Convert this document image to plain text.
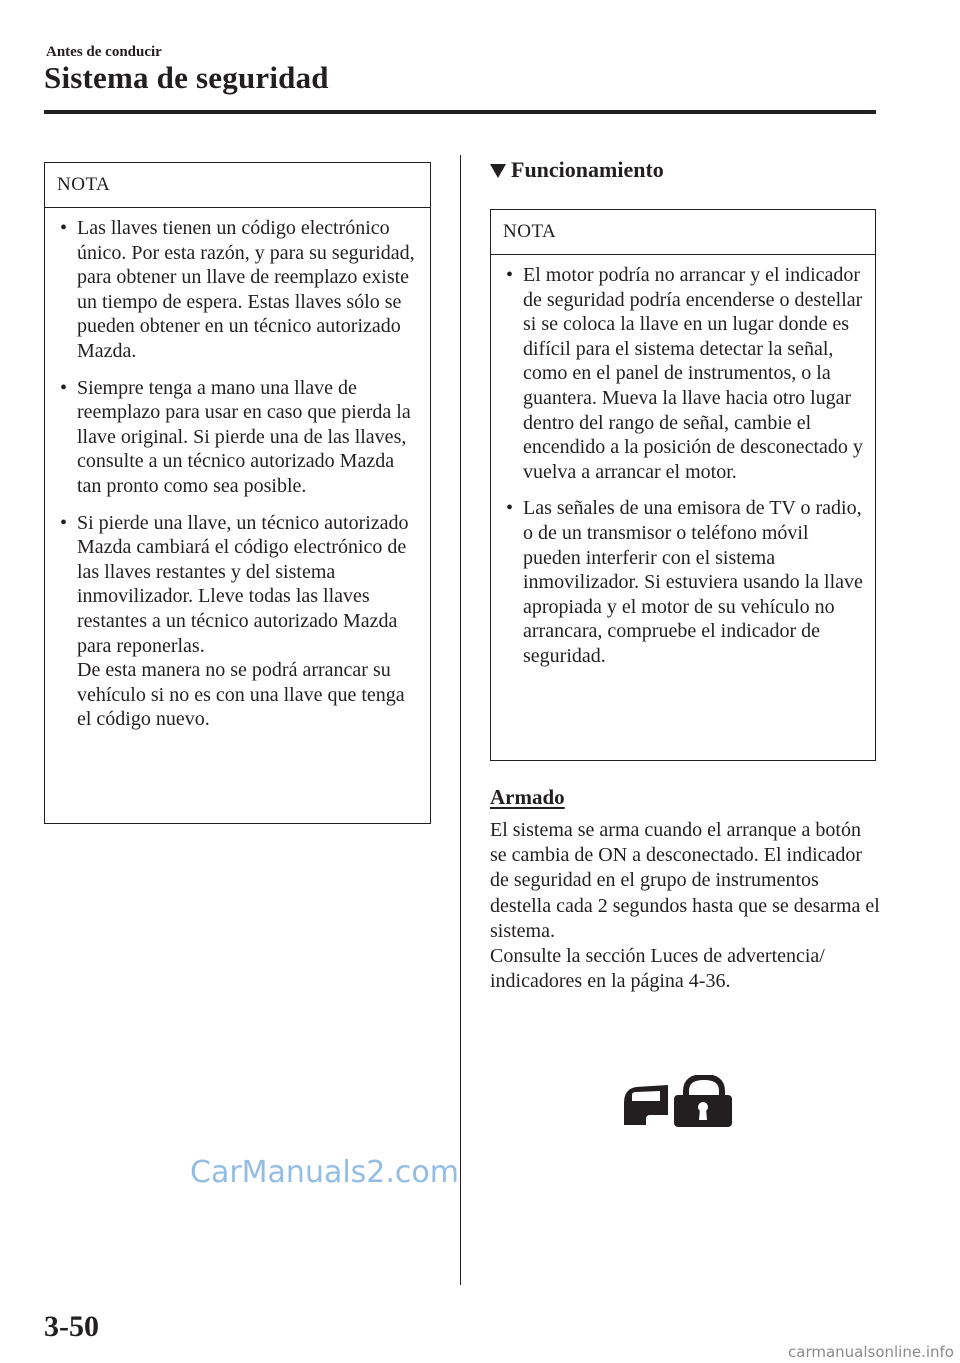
Antes de conducir
Sistema de seguridad
NOTA
• Las llaves tienen un código electrónico único. Por esta razón, y para su seguridad, para obtener un llave de reemplazo existe un tiempo de espera. Estas llaves sólo se pueden obtener en un técnico autorizado Mazda.
• Siempre tenga a mano una llave de reemplazo para usar en caso que pierda la llave original. Si pierde una de las llaves, consulte a un técnico autorizado Mazda tan pronto como sea posible.
• Si pierde una llave, un técnico autorizado Mazda cambiará el código electrónico de las llaves restantes y del sistema inmovilizador. Lleve todas las llaves restantes a un técnico autorizado Mazda para reponerlas.
De esta manera no se podrá arrancar su vehículo si no es con una llave que tenga el código nuevo.
Funcionamiento
NOTA
• El motor podría no arrancar y el indicador de seguridad podría encenderse o destellar si se coloca la llave en un lugar donde es difícil para el sistema detectar la señal, como en el panel de instrumentos, o la guantera. Mueva la llave hacia otro lugar dentro del rango de señal, cambie el encendido a la posición de desconectado y vuelva a arrancar el motor.
• Las señales de una emisora de TV o radio, o de un transmisor o teléfono móvil pueden interferir con el sistema inmovilizador. Si estuviera usando la llave apropiada y el motor de su vehículo no arrancara, compruebe el indicador de seguridad.
Armado
El sistema se arma cuando el arranque a botón se cambia de ON a desconectado. El indicador de seguridad en el grupo de instrumentos destella cada 2 segundos hasta que se desarma el sistema.
Consulte la sección Luces de advertencia/ indicadores en la página 4-36.
CarManuals2.com
3-50
carmanualsonline.info
